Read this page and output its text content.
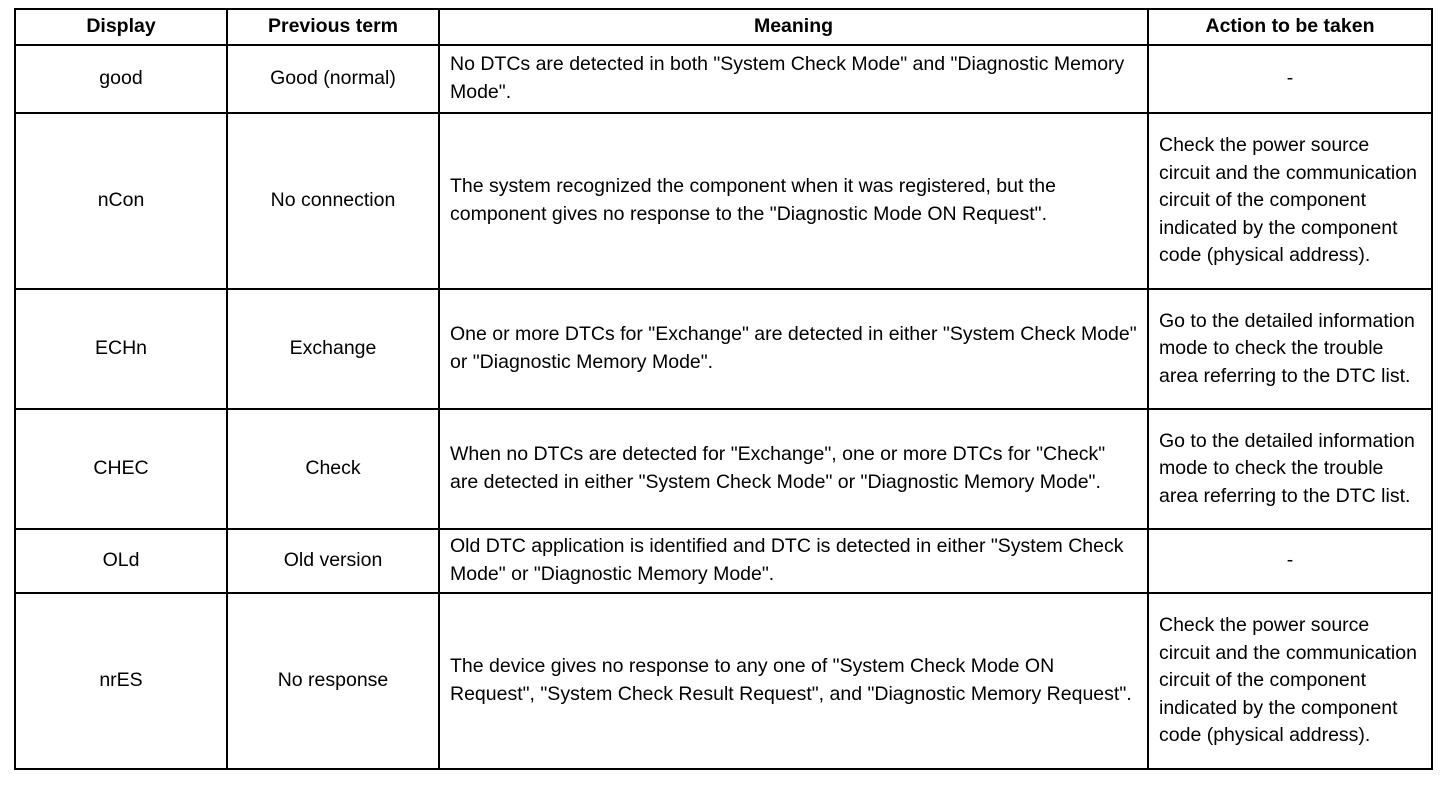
Display	Previous term	Meaning	Action to be taken
good	Good (normal)	No DTCs are detected in both "System Check Mode" and "Diagnostic Memory Mode".	-
nCon	No connection	The system recognized the component when it was registered, but the component gives no response to the "Diagnostic Mode ON Request".	Check the power source circuit and the communication circuit of the component indicated by the component code (physical address).
ECHn	Exchange	One or more DTCs for "Exchange" are detected in either "System Check Mode" or "Diagnostic Memory Mode".	Go to the detailed information mode to check the trouble area referring to the DTC list.
CHEC	Check	When no DTCs are detected for "Exchange", one or more DTCs for "Check" are detected in either "System Check Mode" or "Diagnostic Memory Mode".	Go to the detailed information mode to check the trouble area referring to the DTC list.
OLd	Old version	Old DTC application is identified and DTC is detected in either "System Check Mode" or "Diagnostic Memory Mode".	-
nrES	No response	The device gives no response to any one of "System Check Mode ON Request", "System Check Result Request", and "Diagnostic Memory Request".	Check the power source circuit and the communication circuit of the component indicated by the component code (physical address).
